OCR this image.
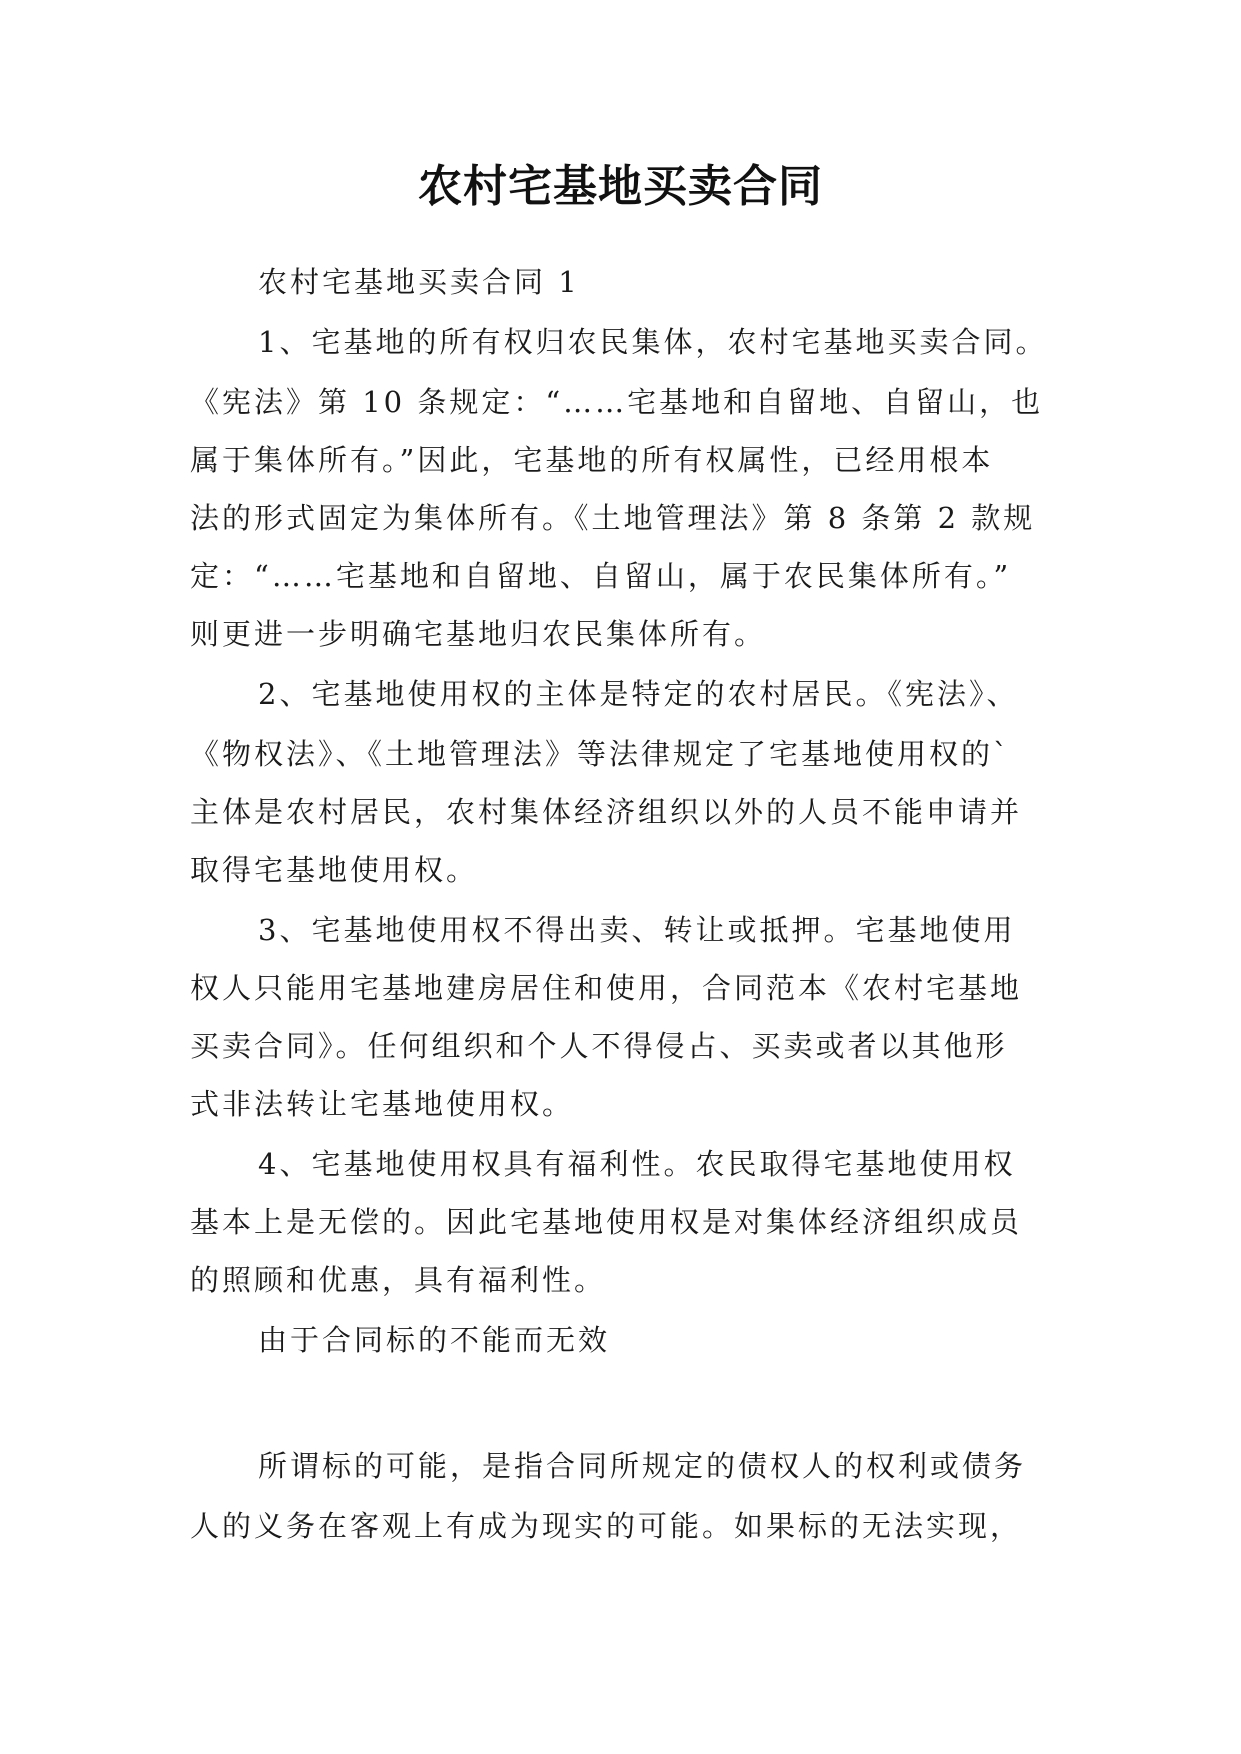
农村宅基地买卖合同
农村宅基地买卖合同 1
1、宅基地的所有权归农民集体，农村宅基地买卖合同。
《宪法》第 10 条规定：“……宅基地和自留地、自留山，也
属于集体所有。”因此，宅基地的所有权属性，已经用根本
法的形式固定为集体所有。《土地管理法》第 8 条第 2 款规
定：“……宅基地和自留地、自留山，属于农民集体所有。”
则更进一步明确宅基地归农民集体所有。
2、宅基地使用权的主体是特定的农村居民。《宪法》、
《物权法》、《土地管理法》等法律规定了宅基地使用权的`
主体是农村居民，农村集体经济组织以外的人员不能申请并
取得宅基地使用权。
3、宅基地使用权不得出卖、转让或抵押。宅基地使用
权人只能用宅基地建房居住和使用，合同范本《农村宅基地
买卖合同》。任何组织和个人不得侵占、买卖或者以其他形
式非法转让宅基地使用权。
4、宅基地使用权具有福利性。农民取得宅基地使用权
基本上是无偿的。因此宅基地使用权是对集体经济组织成员
的照顾和优惠，具有福利性。
由于合同标的不能而无效
所谓标的可能，是指合同所规定的债权人的权利或债务
人的义务在客观上有成为现实的可能。如果标的无法实现，
